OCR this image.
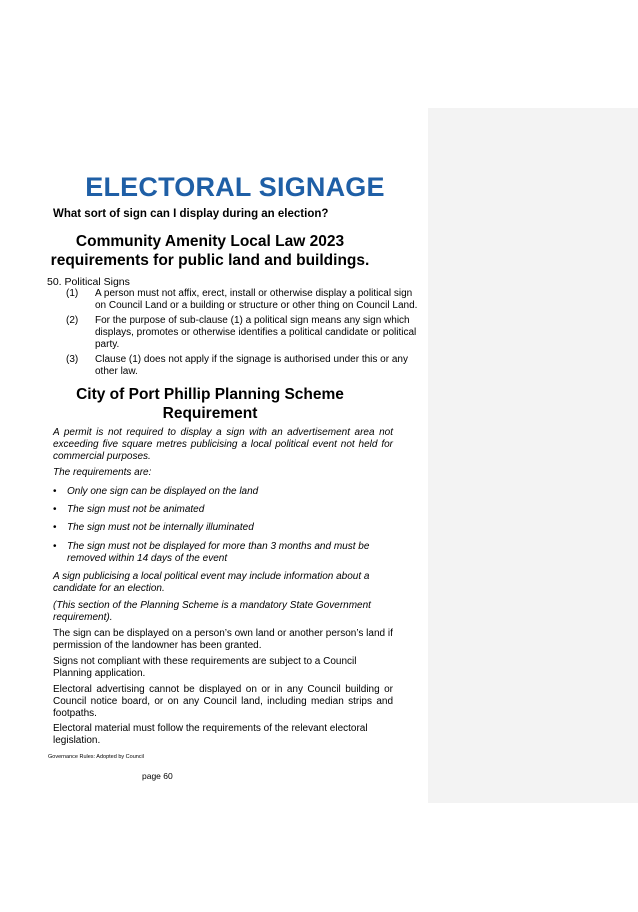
ELECTORAL SIGNAGE
What sort of sign can I display during an election?
Community Amenity Local Law 2023
requirements for public land and buildings.
50. Political Signs
(1) A person must not affix, erect, install or otherwise display a political sign on Council Land or a building or structure or other thing on Council Land.
(2) For the purpose of sub-clause (1) a political sign means any sign which displays, promotes or otherwise identifies a political candidate or political party.
(3) Clause (1) does not apply if the signage is authorised under this or any other law.
City of Port Phillip Planning Scheme
Requirement
A permit is not required to display a sign with an advertisement area not exceeding five square metres publicising a local political event not held for commercial purposes.
The requirements are:
• Only one sign can be displayed on the land
• The sign must not be animated
• The sign must not be internally illuminated
• The sign must not be displayed for more than 3 months and must be removed within 14 days of the event
A sign publicising a local political event may include information about a candidate for an election.
(This section of the Planning Scheme is a mandatory State Government requirement).
The sign can be displayed on a person’s own land or another person’s land if permission of the landowner has been granted.
Signs not compliant with these requirements are subject to a Council Planning application.
Electoral advertising cannot be displayed on or in any Council building or Council notice board, or on any Council land, including median strips and footpaths.
Electoral material must follow the requirements of the relevant electoral legislation.
Governance Rules: Adopted by Council
page 60
